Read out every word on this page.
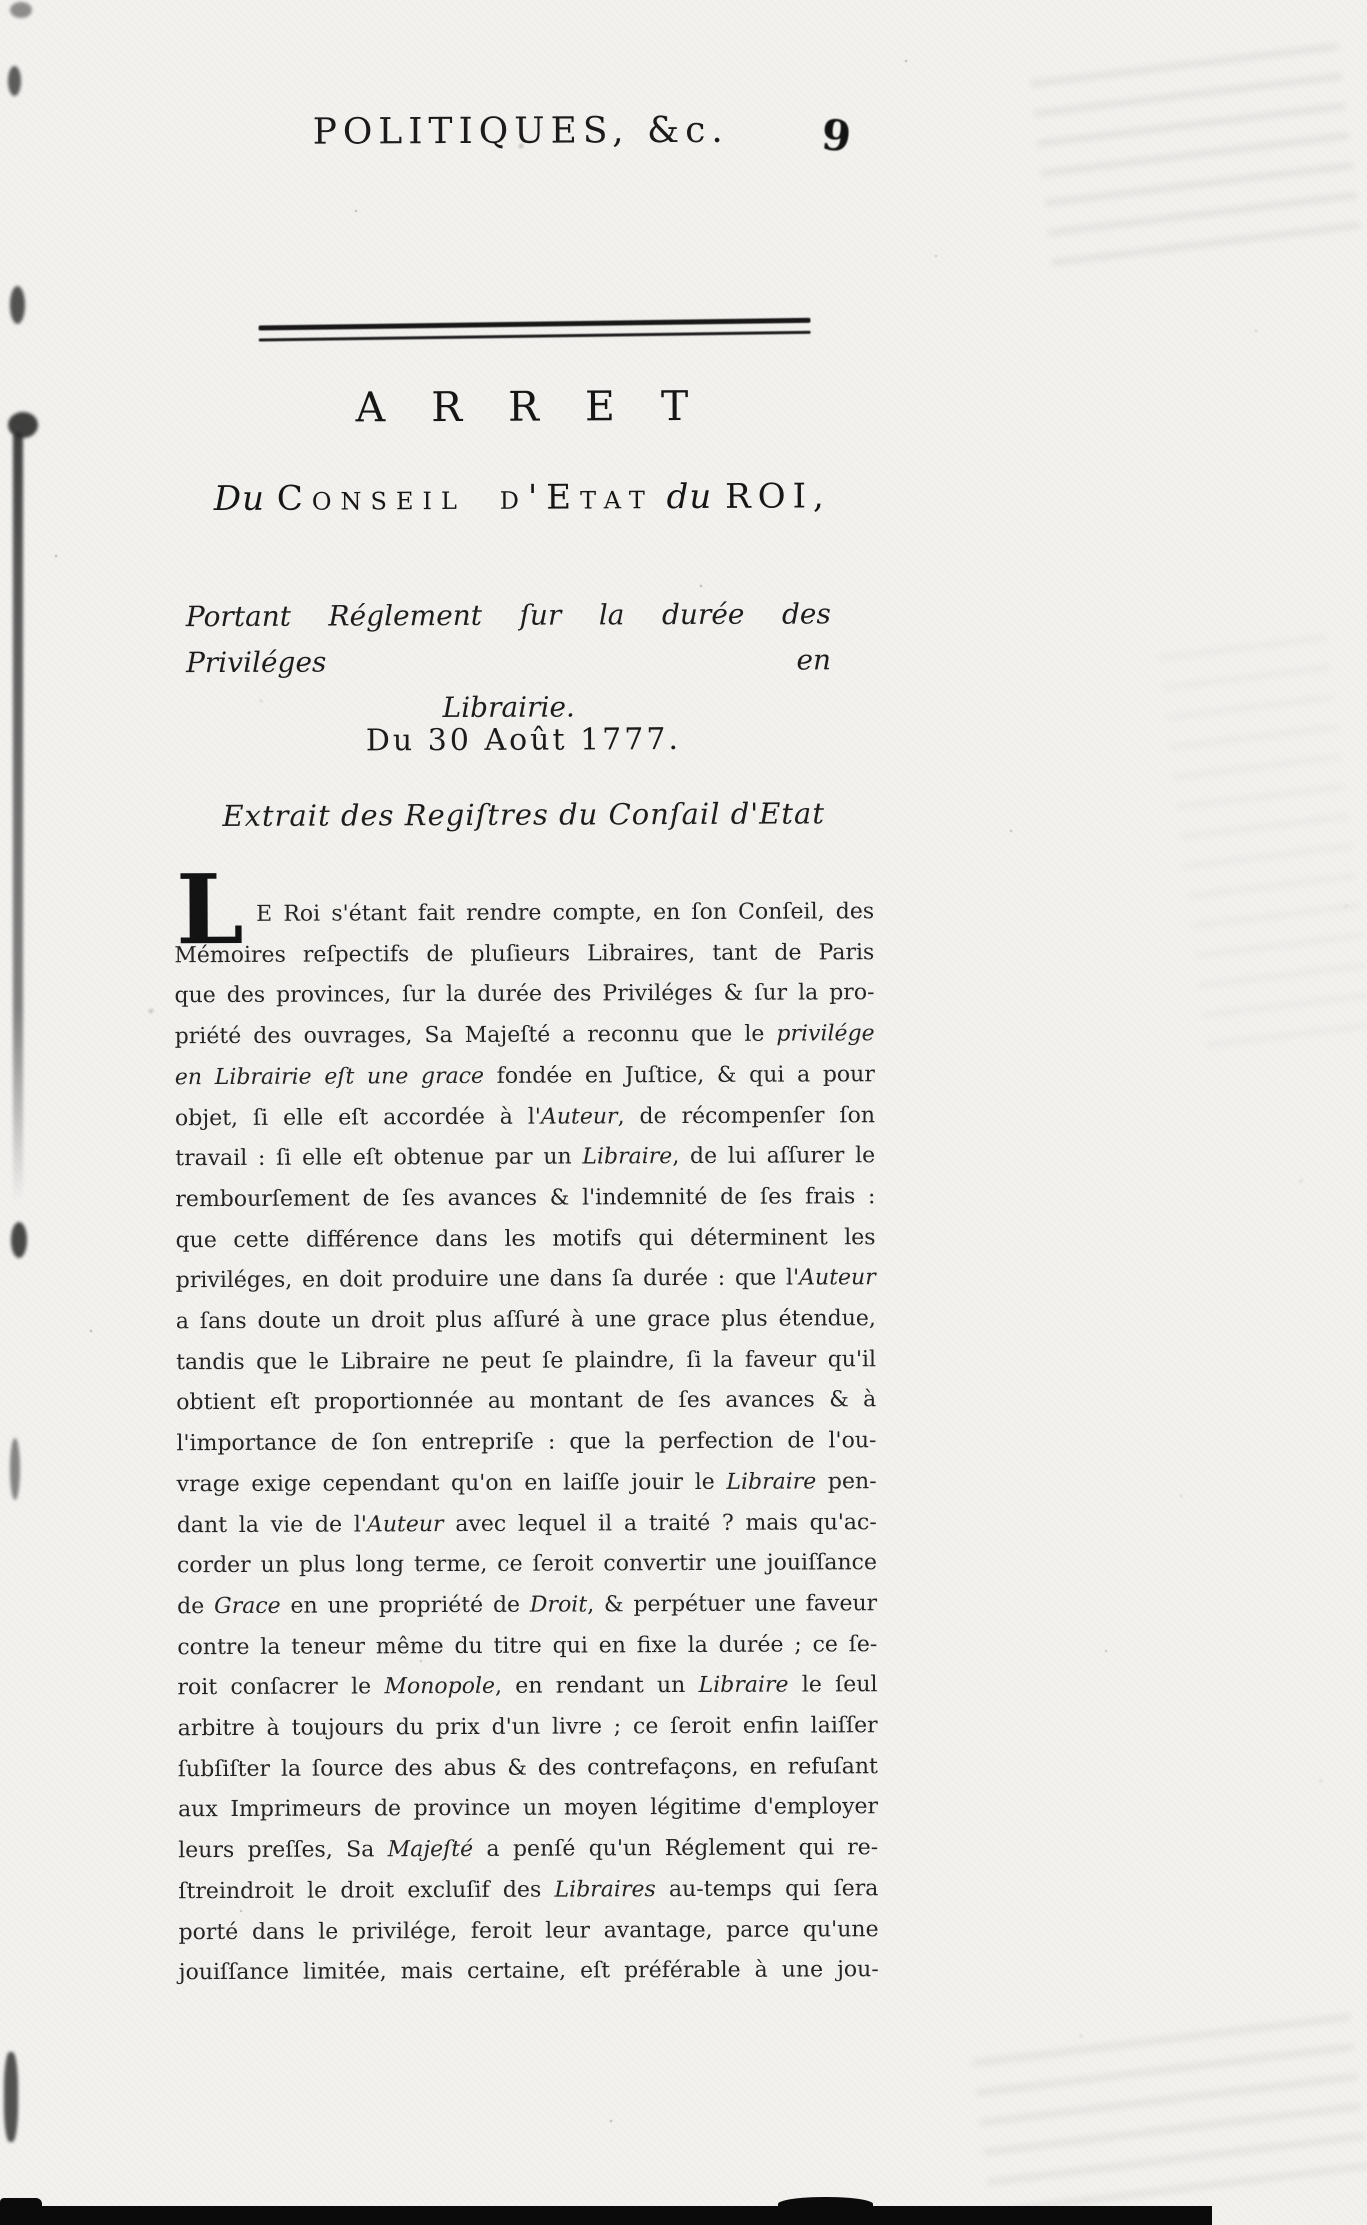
POLITIQUES, &c.	9
ARRET
Du Conseil d'Etat du ROI,
Portant Réglement ſur la durée des Priviléges en
Librairie.
Du 30 Août 1777.
Extrait des Regiſtres du Conſail d'Etat
L E Roi s'étant fait rendre compte, en ſon Conſeil, des
Mémoires reſpectifs de pluſieurs Libraires, tant de Paris
que des provinces, ſur la durée des Priviléges & ſur la pro-
priété des ouvrages, Sa Majeſté a reconnu que le privilége
en Librairie eſt une grace fondée en Juſtice, & qui a pour
objet, ſi elle eſt accordée à l'Auteur, de récompenſer ſon
travail : ſi elle eſt obtenue par un Libraire, de lui aſſurer le
rembourſement de ſes avances & l'indemnité de ſes frais :
que cette différence dans les motifs qui déterminent les
priviléges, en doit produire une dans ſa durée : que l'Auteur
a ſans doute un droit plus aſſuré à une grace plus étendue,
tandis que le Libraire ne peut ſe plaindre, ſi la faveur qu'il
obtient eſt proportionnée au montant de ſes avances & à
l'importance de ſon entrepriſe : que la perfection de l'ou-
vrage exige cependant qu'on en laiſſe jouir le Libraire pen-
dant la vie de l'Auteur avec lequel il a traité ? mais qu'ac-
corder un plus long terme, ce ſeroit convertir une jouiſſance
de Grace en une propriété de Droit, & perpétuer une faveur
contre la teneur même du titre qui en fixe la durée ; ce ſe-
roit conſacrer le Monopole, en rendant un Libraire le ſeul
arbitre à toujours du prix d'un livre ; ce ſeroit enfin laiſſer
ſubſiſter la ſource des abus & des contrefaçons, en refuſant
aux Imprimeurs de province un moyen légitime d'employer
leurs preſſes, Sa Majeſté a penſé qu'un Réglement qui re-
ſtreindroit le droit excluſif des Libraires au-temps qui ſera
porté dans le privilége, feroit leur avantage, parce qu'une
jouiſſance limitée, mais certaine, eſt préférable à une jou-
